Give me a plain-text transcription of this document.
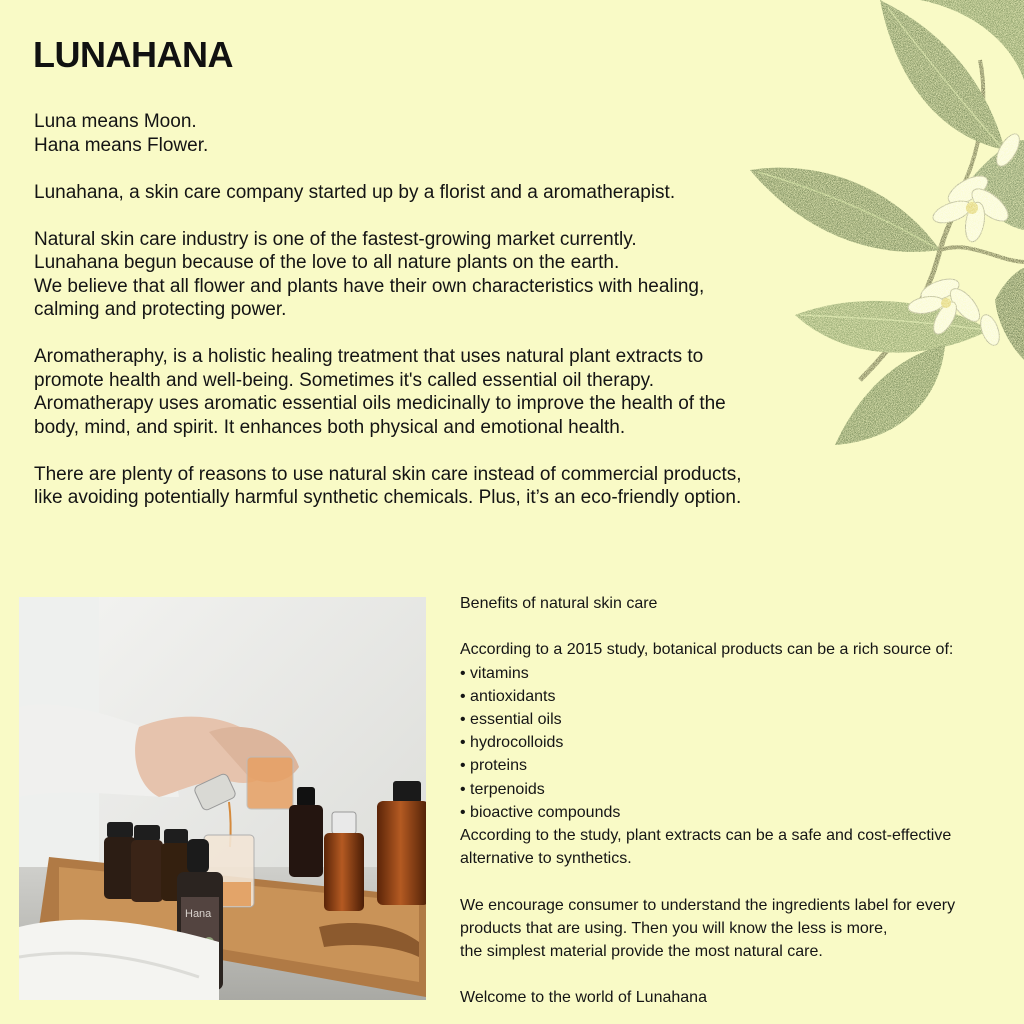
LUNAHANA

Luna means Moon.

Hana means Flower.

Lunahana, a skin care company started up by a florist and a aromatherapist.

Natural skin care industry is one of the fastest-growing market currently.

Lunahana begun because of the love to all nature plants on the earth.

We believe that all flower and plants have their own characteristics with healing,

calming and protecting power.

Aromatheraphy, is a holistic healing treatment that uses natural plant extracts to

promote health and well-being. Sometimes it's called essential oil therapy.

Aromatherapy uses aromatic essential oils medicinally to improve the health of the

body, mind, and spirit. It enhances both physical and emotional health.

There are plenty of reasons to use natural skin care instead of commercial products,

like avoiding potentially harmful synthetic chemicals. Plus, it’s an eco-friendly option.

Hana

Benefits of natural skin care

According to a 2015 study, botanical products can be a rich source of:

• vitamins
• antioxidants
• essential oils
• hydrocolloids
• proteins
• terpenoids
• bioactive compounds

According to the study, plant extracts can be a safe and cost-effective

alternative to synthetics.

We encourage consumer to understand the ingredients label for every

products that are using. Then you will know the less is more,

the simplest material provide the most natural care.

Welcome to the world of Lunahana
